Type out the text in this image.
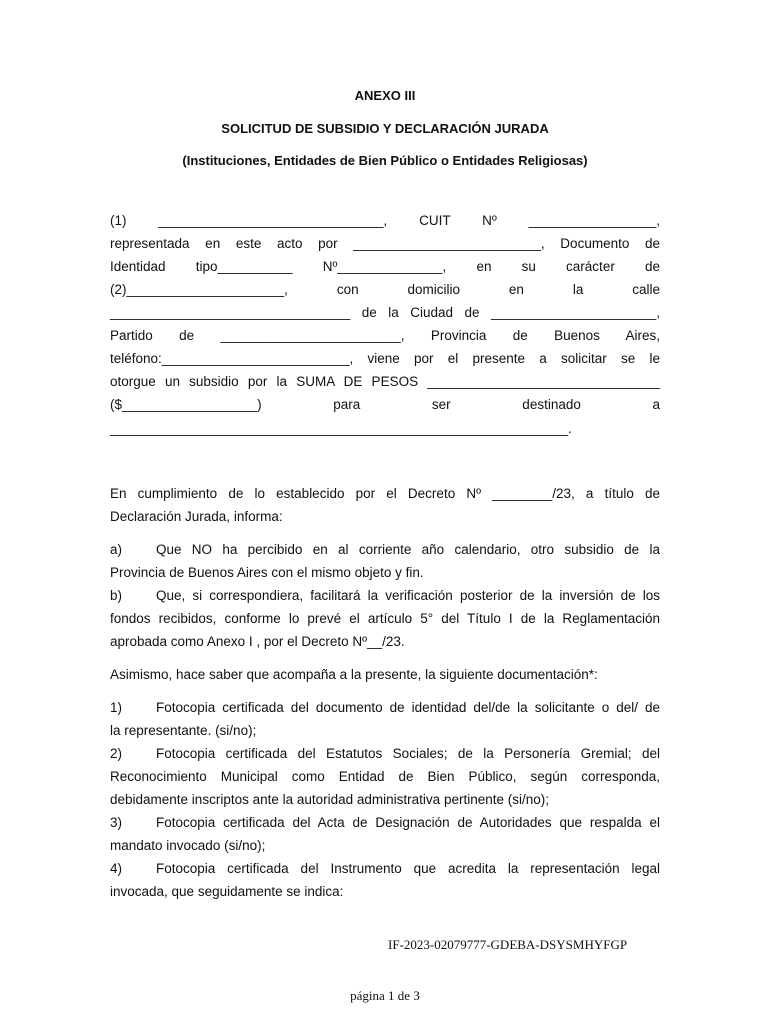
ANEXO III
SOLICITUD DE SUBSIDIO Y DECLARACIÓN JURADA
(Instituciones, Entidades de Bien Público o Entidades Religiosas)
(1) ______________________________, CUIT Nº _________________,
representada en este acto por _________________________, Documento de
Identidad tipo__________ Nº______________, en su carácter de
(2)_____________________, con domicilio en la calle
________________________________ de la Ciudad de ______________________,
Partido de ________________________, Provincia de Buenos Aires,
teléfono:_________________________, viene por el presente a solicitar se le
otorgue un subsidio por la SUMA DE PESOS _______________________________
($__________________) para ser destinado a
_____________________________________________________________.
En cumplimiento de lo establecido por el Decreto Nº ________/23, a título de
Declaración Jurada, informa:
a)	Que NO ha percibido en al corriente año calendario, otro subsidio de la
Provincia de Buenos Aires con el mismo objeto y fin.
b)	Que, si correspondiera, facilitará la verificación posterior de la inversión de los
fondos recibidos, conforme lo prevé el artículo 5° del Título I de la Reglamentación
aprobada como Anexo I , por el Decreto Nº__/23.
Asimismo, hace saber que acompaña a la presente, la siguiente documentación*:
1)	Fotocopia certificada del documento de identidad del/de la solicitante o del/ de
la representante. (si/no);
2)	Fotocopia certificada del Estatutos Sociales; de la Personería Gremial; del
Reconocimiento Municipal como Entidad de Bien Público, según corresponda,
debidamente inscriptos ante la autoridad administrativa pertinente (si/no);
3)	Fotocopia certificada del Acta de Designación de Autoridades que respalda el
mandato invocado (si/no);
4)	Fotocopia certificada del Instrumento que acredita la representación legal
invocada, que seguidamente se indica:
IF-2023-02079777-GDEBA-DSYSMHYFGP
página 1 de 3
